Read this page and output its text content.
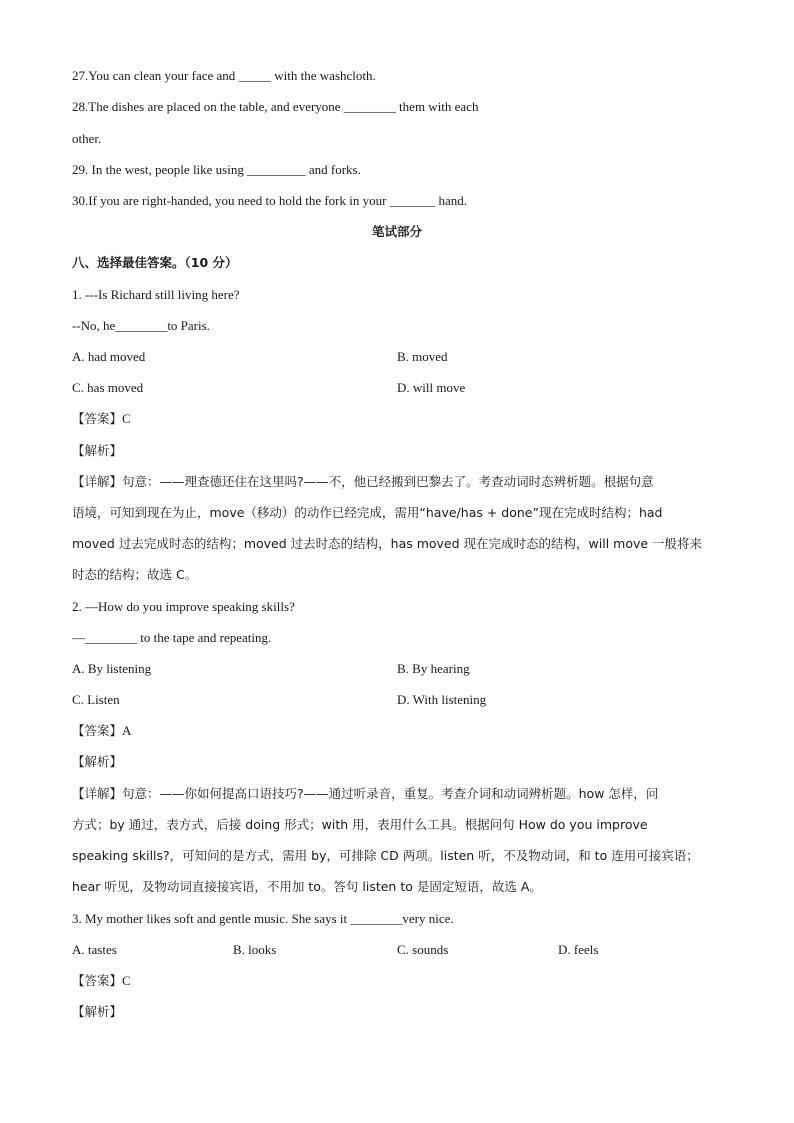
27.You can clean your face and _____ with the washcloth.
28.The dishes are placed on the table, and everyone ________ them with each
other.
29. In the west, people like using _________ and forks.
30.If you are right-handed, you need to hold the fork in your _______ hand.
笔试部分
八、选择最佳答案。（10 分）
1. ---Is Richard still living here?
--No, he________to Paris.
A. had moved	B. moved
C. has moved	D. will move
【答案】C
【解析】
【详解】句意：——理查德还住在这里吗?——不，他已经搬到巴黎去了。考查动词时态辨析题。根据句意
语境，可知到现在为止，move（移动）的动作已经完成，需用“have/has + done”现在完成时结构；had
moved 过去完成时态的结构；moved 过去时态的结构，has moved 现在完成时态的结构，will move 一般将来
时态的结构；故选 C。
2. —How do you improve speaking skills?
—________ to the tape and repeating.
A. By listening	B. By hearing
C. Listen	D. With listening
【答案】A
【解析】
【详解】句意：——你如何提高口语技巧?——通过听录音，重复。考查介词和动词辨析题。how 怎样，问
方式；by 通过，表方式，后接 doing 形式；with 用，表用什么工具。根据问句 How do you improve
speaking skills?，可知问的是方式，需用 by，可排除 CD 两项。listen 听，不及物动词，和 to 连用可接宾语；
hear 听见，及物动词直接接宾语，不用加 to。答句 listen to 是固定短语，故选 A。
3. My mother likes soft and gentle music. She says it ________very nice.
A. tastes	B. looks	C. sounds	D. feels
【答案】C
【解析】
